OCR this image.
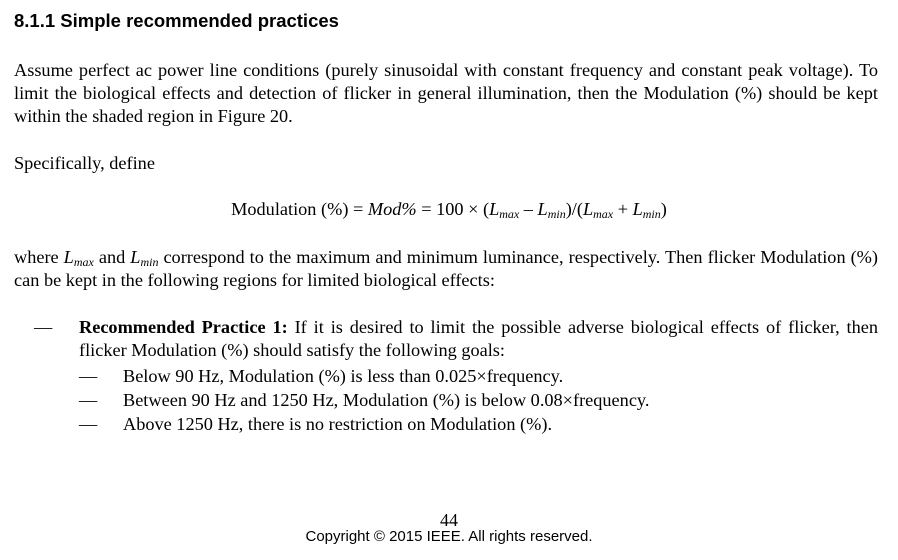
8.1.1 Simple recommended practices

Assume perfect ac power line conditions (purely sinusoidal with constant frequency and constant peak voltage). To limit the biological effects and detection of flicker in general illumination, then the Modulation (%) should be kept within the shaded region in Figure 20.

Specifically, define

Modulation (%) = $Mod\% = 100 \times (L_{max} - L_{min})/(L_{max} + L_{min})$

where $L_{max}$ and $L_{min}$ correspond to the maximum and minimum luminance, respectively. Then flicker Modulation (%) can be kept in the following regions for limited biological effects:

— Recommended Practice 1: If it is desired to limit the possible adverse biological effects of flicker, then flicker Modulation (%) should satisfy the following goals:
— Below 90 Hz, Modulation (%) is less than 0.025×frequency.
— Between 90 Hz and 1250 Hz, Modulation (%) is below 0.08×frequency.
— Above 1250 Hz, there is no restriction on Modulation (%).
44
Copyright © 2015 IEEE. All rights reserved.
